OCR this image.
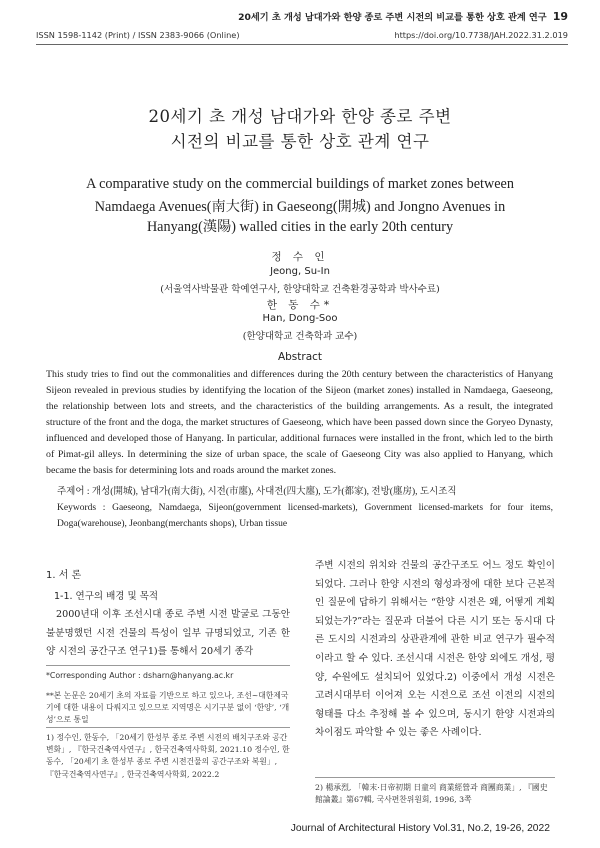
20세기 초 개성 남대가와 한양 종로 주변 시전의 비교를 통한 상호 관계 연구 19
ISSN 1598-1142 (Print) / ISSN 2383-9066 (Online)	https://doi.org/10.7738/JAH.2022.31.2.019
20세기 초 개성 남대가와 한양 종로 주변
시전의 비교를 통한 상호 관계 연구
A comparative study on the commercial buildings of market zones between
Namdaega Avenues(南大街) in Gaeseong(開城) and Jongno Avenues in
Hanyang(漢陽) walled cities in the early 20th century
정 수 인
Jeong, Su-In
(서울역사박물관 학예연구사, 한양대학교 건축환경공학과 박사수료)
한 동 수*
Han, Dong-Soo
(한양대학교 건축학과 교수)
Abstract
This study tries to find out the commonalities and differences during the 20th century between the characteristics of Hanyang Sijeon revealed in previous studies by identifying the location of the Sijeon (market zones) installed in Namdaega, Gaeseong, the relationship between lots and streets, and the characteristics of the building arrangements. As a result, the integrated structure of the front and the doga, the market structures of Gaeseong, which have been passed down since the Goryeo Dynasty, influenced and developed those of Hanyang. In particular, additional furnaces were installed in the front, which led to the birth of Pimat-gil alleys. In determining the size of urban space, the scale of Gaeseong City was also applied to Hanyang, which became the basis for determining lots and roads around the market zones.
주제어 : 개성(開城), 남대가(南大街), 시전(市廛), 사대전(四大廛), 도가(都家), 전방(廛房), 도시조직
Keywords : Gaeseong, Namdaega, Sijeon(government licensed-markets), Government licensed-markets for four items, Doga(warehouse), Jeonbang(merchants shops), Urban tissue
1. 서 론
1-1. 연구의 배경 및 목적
2000년대 이후 조선시대 종로 주변 시전 발굴로 그동안 불분명했던 시전 건물의 특성이 일부 규명되었고, 기존 한양 시전의 공간구조 연구1)를 통해서 20세기 종각
*Corresponding Author : dsharn@hanyang.ac.kr
**본 논문은 20세기 초의 자료를 기반으로 하고 있으나, 조선~대한제국기에 대한 내용이 다뤄지고 있으므로 지역명은 시기구분 없이 ‘한양’, ‘개성’으로 통일
1) 정수인, 한동수, 「20세기 한성부 종로 주변 시전의 배치구조와 공간 변화」, 『한국건축역사연구』, 한국건축역사학회, 2021.10 정수인, 한동수, 「20세기 초 한성부 종로 주변 시전건물의 공간구조와 복원」, 『한국건축역사연구』, 한국건축역사학회, 2022.2
주변 시전의 위치와 건물의 공간구조도 어느 정도 확인이 되었다. 그러나 한양 시전의 형성과정에 대한 보다 근본적인 질문에 답하기 위해서는 “한양 시전은 왜, 어떻게 계획되었는가?”라는 질문과 더불어 다른 시기 또는 동시대 다른 도시의 시전과의 상관관계에 관한 비교 연구가 필수적이라고 할 수 있다. 조선시대 시전은 한양 외에도 개성, 평양, 수원에도 설치되어 있었다.2) 이중에서 개성 시전은 고려시대부터 이어져 오는 시전으로 조선 이전의 시전의 형태를 다소 추정해 볼 수 있으며, 동시기 한양 시전과의 차이점도 파악할 수 있는 좋은 사례이다.
2) 楊承烈, 「韓末·日帝初期 日童의 商業經營과 商團商業」, 『國史館論叢』第67輯, 국사편찬위원회, 1996, 3쪽
Journal of Architectural History Vol.31, No.2, 19-26, 2022
